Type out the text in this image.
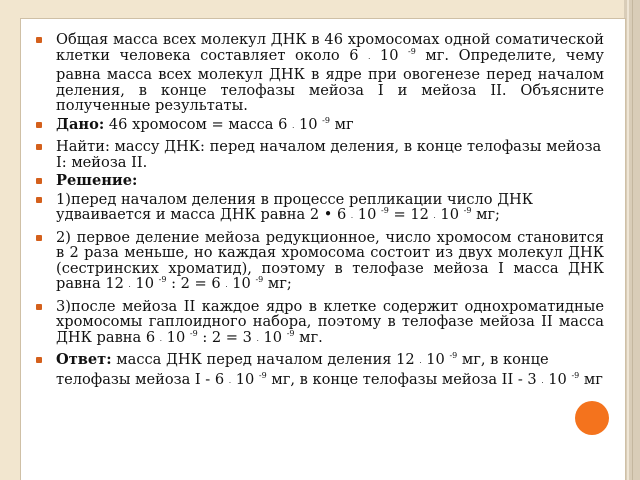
Общая масса всех молекул ДНК в 46 хромосомах одной соматической клетки человека составляет около 6 · 10 $^{-9}$ мг. Определите, чему равна масса всех молекул ДНК в ядре при овогенезе перед началом деления, в конце телофазы мейоза I и мейоза II. Объясните полученные результаты.
Дано: 46 хромосом = масса 6 · 10 $^{-9}$ мг
Найти: массу ДНК: перед началом деления, в конце телофазы мейоза I: мейоза II.
Решение:
1)перед началом деления в процессе репликации число ДНК удваивается и масса ДНК равна 2 • 6 · 10 $^{-9}$ = 12 · 10 $^{-9}$ мг;
2) первое деление мейоза редукционное, число хромосом становится в 2 раза меньше, но каждая хромосома состоит из двух молекул ДНК (сестринских хроматид), поэтому в телофазе мейоза I масса ДНК равна 12 · 10 $^{-9}$ : 2 = 6 · 10 $^{-9}$ мг;
3)после мейоза II каждое ядро в клетке содержит однохроматидные хромосомы гаплоидного набора, поэтому в телофазе мейоза II масса ДНК равна 6 · 10 $^{-9}$ : 2 = 3 · 10 $^{-9}$ мг.
Ответ: масса ДНК перед началом деления 12 · 10 $^{-9}$ мг, в конце телофазы мейоза I - 6 · 10 $^{-9}$ мг, в конце телофазы мейоза II - 3 · 10 $^{-9}$ мг
